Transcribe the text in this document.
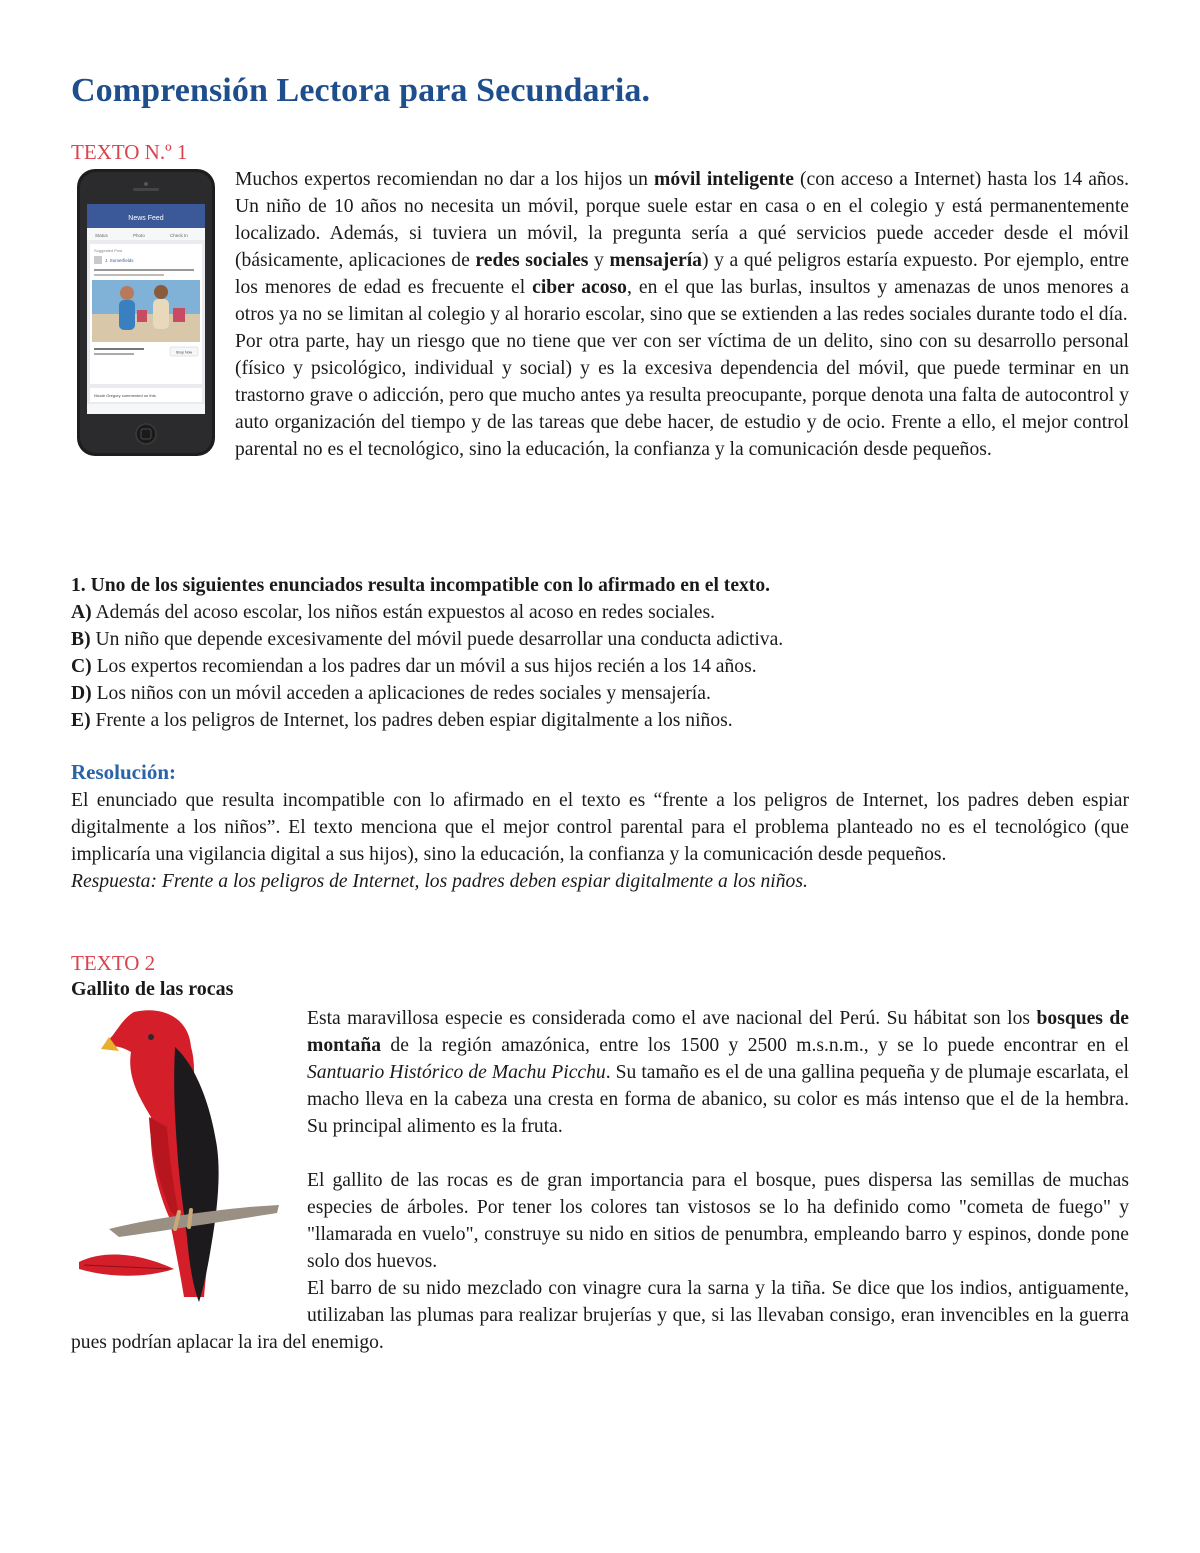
Comprensión Lectora para Secundaria.

TEXTO N.º 1

News Feed
Status	Photo	Check In
Suggested Post
J. Somerfields
Shop Now
Nicole Gregory commented on this.

Muchos expertos recomiendan no dar a los hijos un móvil inteligente (con acceso a Internet) hasta los 14 años. Un niño de 10 años no necesita un móvil, porque suele estar en casa o en el colegio y está permanentemente localizado. Además, si tuviera un móvil, la pregunta sería a qué servicios puede acceder desde el móvil (básicamente, aplicaciones de redes sociales y mensajería) y a qué peligros estaría expuesto. Por ejemplo, entre los menores de edad es frecuente el ciber acoso, en el que las burlas, insultos y amenazas de unos menores a otros ya no se limitan al colegio y al horario escolar, sino que se extienden a las redes sociales durante todo el día.

Por otra parte, hay un riesgo que no tiene que ver con ser víctima de un delito, sino con su desarrollo personal (físico y psicológico, individual y social) y es la excesiva dependencia del móvil, que puede terminar en un trastorno grave o adicción, pero que mucho antes ya resulta preocupante, porque denota una falta de autocontrol y auto organización del tiempo y de las tareas que debe hacer, de estudio y de ocio. Frente a ello, el mejor control parental no es el tecnológico, sino la educación, la confianza y la comunicación desde pequeños.

1. Uno de los siguientes enunciados resulta incompatible con lo afirmado en el texto.

A) Además del acoso escolar, los niños están expuestos al acoso en redes sociales.
B) Un niño que depende excesivamente del móvil puede desarrollar una conducta adictiva.
C) Los expertos recomiendan a los padres dar un móvil a sus hijos recién a los 14 años.
D) Los niños con un móvil acceden a aplicaciones de redes sociales y mensajería.
E) Frente a los peligros de Internet, los padres deben espiar digitalmente a los niños.

Resolución:

El enunciado que resulta incompatible con lo afirmado en el texto es “frente a los peligros de Internet, los padres deben espiar digitalmente a los niños”. El texto menciona que el mejor control parental para el problema planteado no es el tecnológico (que implicaría una vigilancia digital a sus hijos), sino la educación, la confianza y la comunicación desde pequeños.

Respuesta: Frente a los peligros de Internet, los padres deben espiar digitalmente a los niños.

TEXTO 2

Gallito de las rocas

Esta maravillosa especie es considerada como el ave nacional del Perú. Su hábitat son los bosques de montaña de la región amazónica, entre los 1500 y 2500 m.s.n.m., y se lo puede encontrar en el Santuario Histórico de Machu Picchu. Su tamaño es el de una gallina pequeña y de plumaje escarlata, el macho lleva en la cabeza una cresta en forma de abanico, su color es más intenso que el de la hembra. Su principal alimento es la fruta.

El gallito de las rocas es de gran importancia para el bosque, pues dispersa las semillas de muchas especies de árboles. Por tener los colores tan vistosos se lo ha definido como "cometa de fuego" y "llamarada en vuelo", construye su nido en sitios de penumbra, empleando barro y espinos, donde pone solo dos huevos.

El barro de su nido mezclado con vinagre cura la sarna y la tiña. Se dice que los indios, antiguamente, utilizaban las plumas para realizar brujerías y que, si las llevaban consigo, eran invencibles en la guerra pues podrían aplacar la ira del enemigo.
